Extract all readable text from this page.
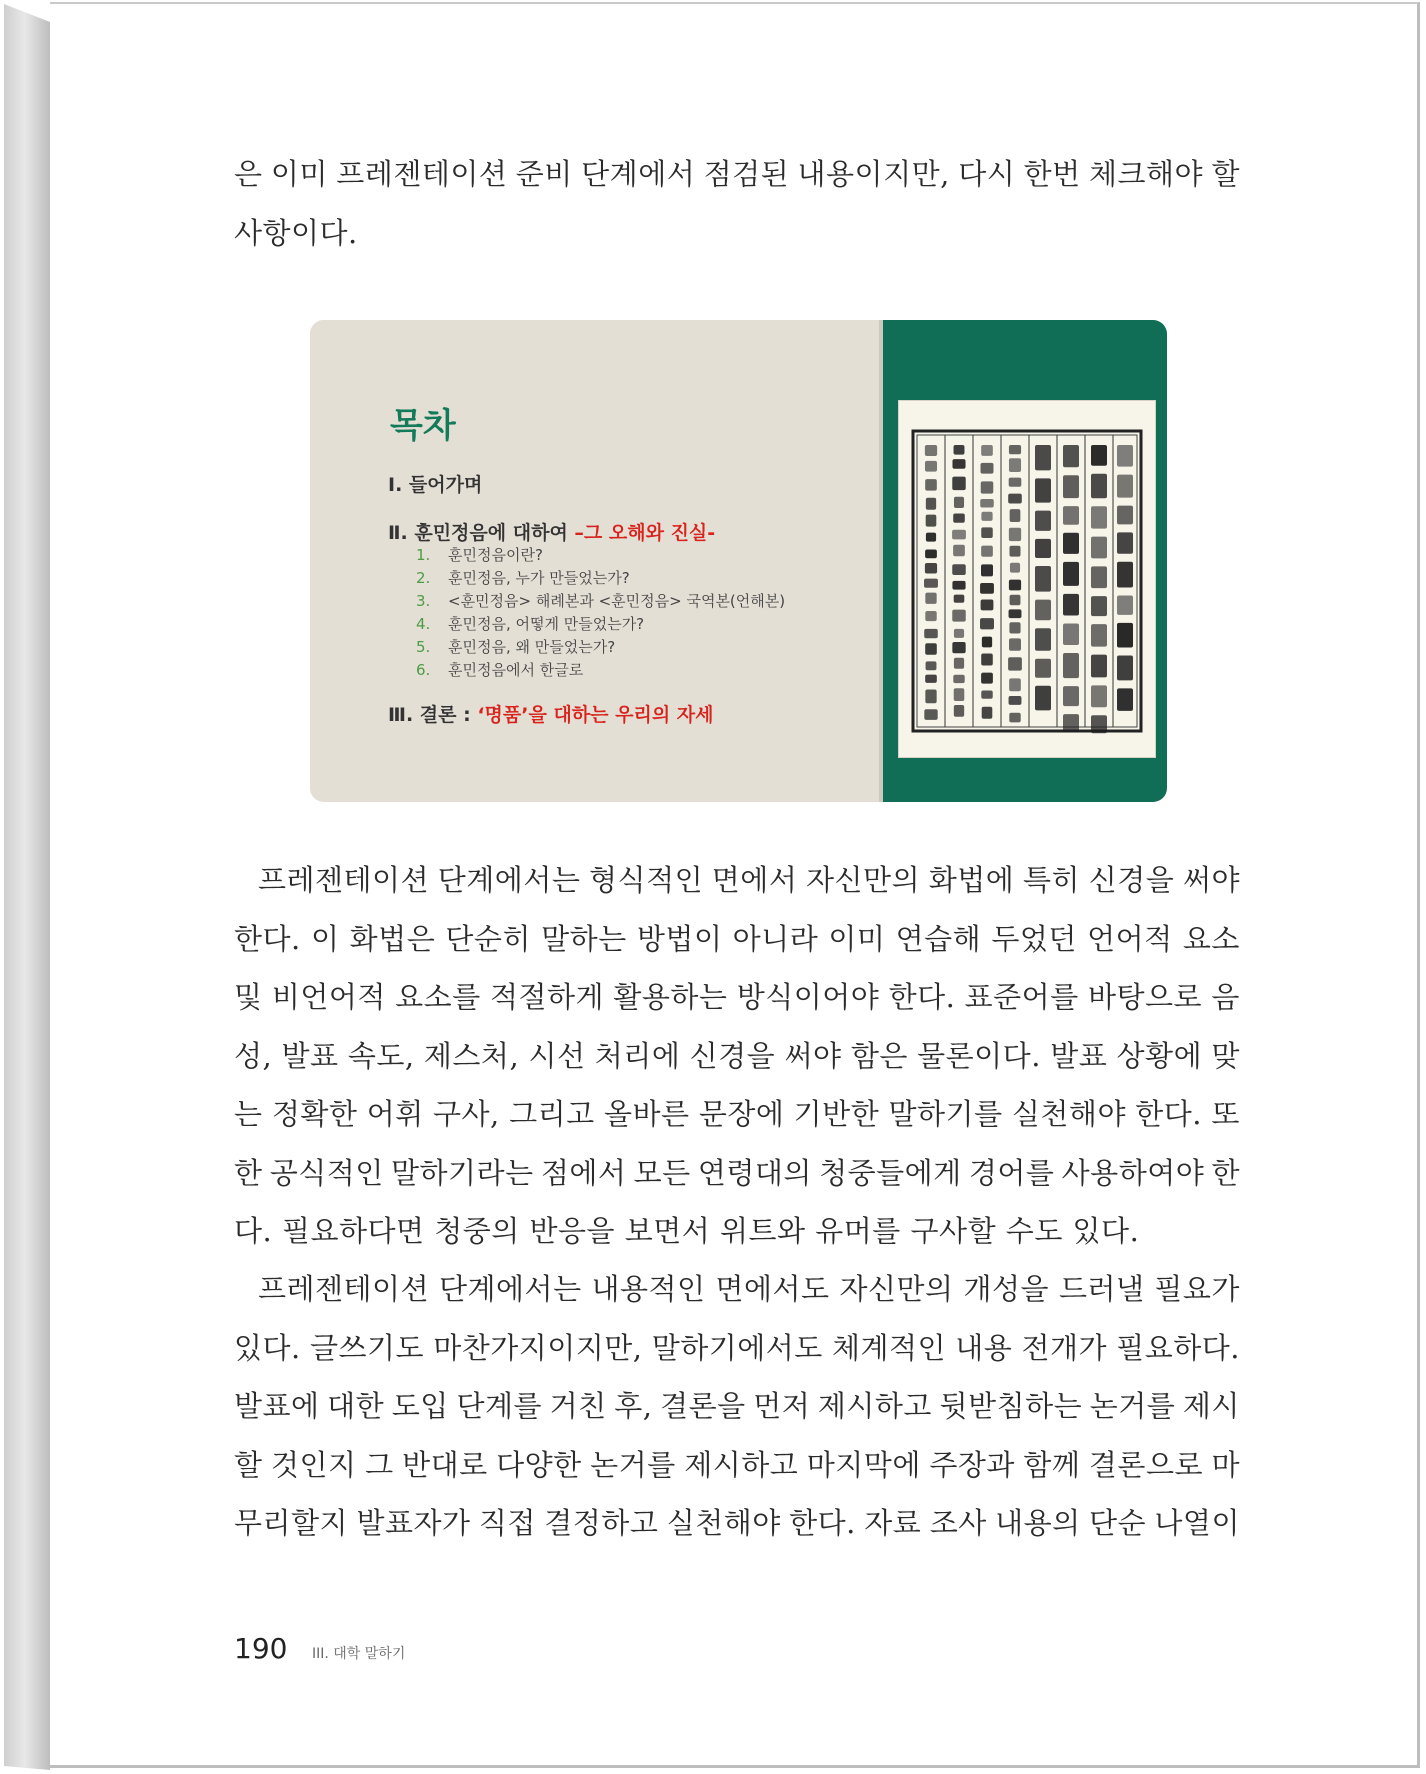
은 이미 프레젠테이션 준비 단계에서 점검된 내용이지만, 다시 한번 체크해야 할
사항이다.
목차
Ⅰ. 들어가며
Ⅱ. 훈민정음에 대하여 –그 오해와 진실-
1. 훈민정음이란?
2. 훈민정음, 누가 만들었는가?
3. <훈민정음> 해례본과 <훈민정음> 국역본(언해본)
4. 훈민정음, 어떻게 만들었는가?
5. 훈민정음, 왜 만들었는가?
6. 훈민정음에서 한글로
Ⅲ. 결론 : ‘명품’을 대하는 우리의 자세
프레젠테이션 단계에서는 형식적인 면에서 자신만의 화법에 특히 신경을 써야
한다. 이 화법은 단순히 말하는 방법이 아니라 이미 연습해 두었던 언어적 요소
및 비언어적 요소를 적절하게 활용하는 방식이어야 한다. 표준어를 바탕으로 음
성, 발표 속도, 제스처, 시선 처리에 신경을 써야 함은 물론이다. 발표 상황에 맞
는 정확한 어휘 구사, 그리고 올바른 문장에 기반한 말하기를 실천해야 한다. 또
한 공식적인 말하기라는 점에서 모든 연령대의 청중들에게 경어를 사용하여야 한
다. 필요하다면 청중의 반응을 보면서 위트와 유머를 구사할 수도 있다.
프레젠테이션 단계에서는 내용적인 면에서도 자신만의 개성을 드러낼 필요가
있다. 글쓰기도 마찬가지이지만, 말하기에서도 체계적인 내용 전개가 필요하다.
발표에 대한 도입 단계를 거친 후, 결론을 먼저 제시하고 뒷받침하는 논거를 제시
할 것인지 그 반대로 다양한 논거를 제시하고 마지막에 주장과 함께 결론으로 마
무리할지 발표자가 직접 결정하고 실천해야 한다. 자료 조사 내용의 단순 나열이
190 III. 대학 말하기
